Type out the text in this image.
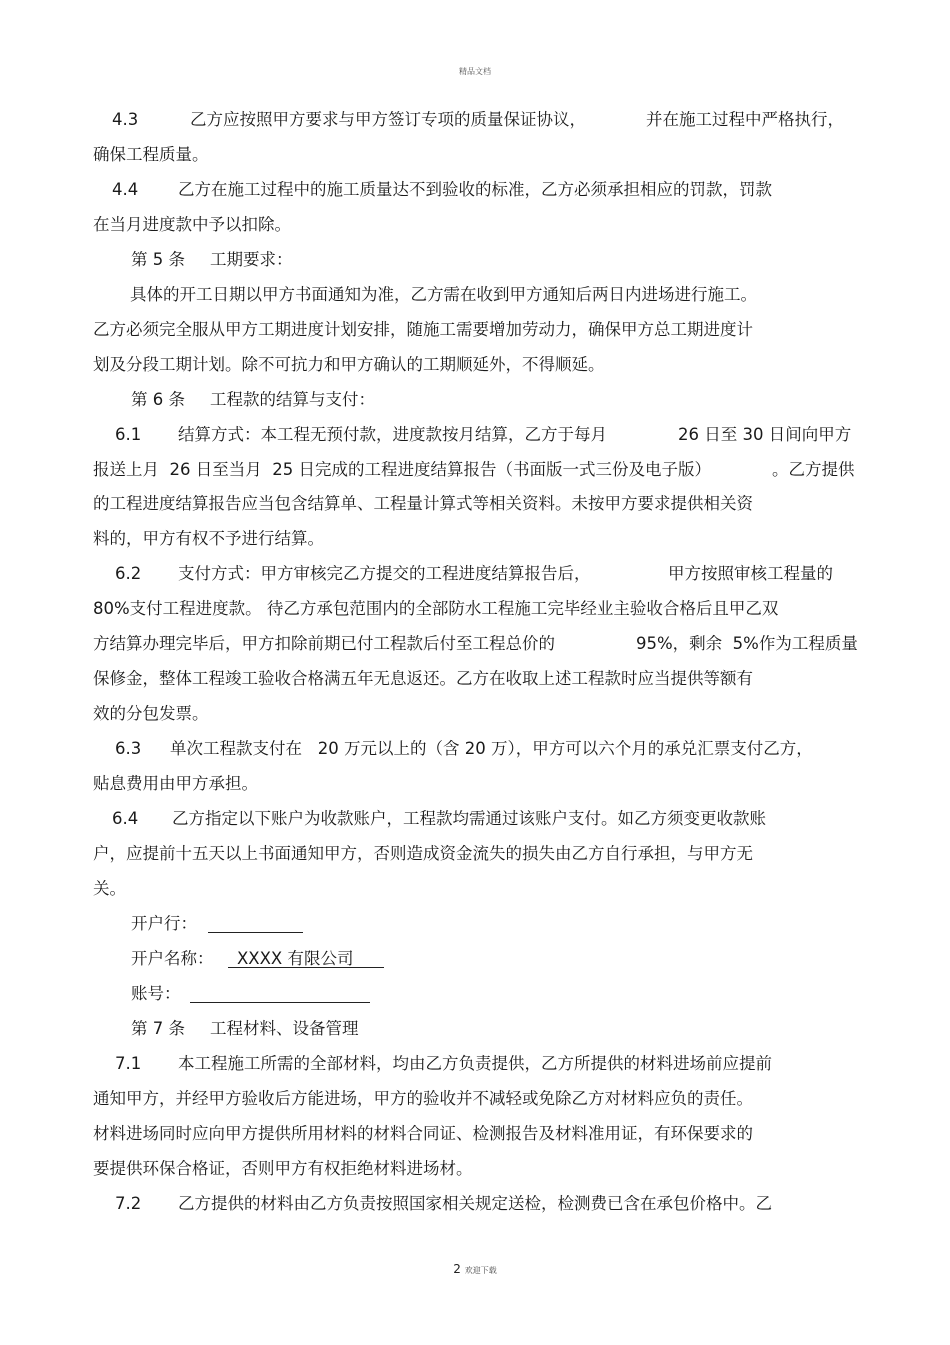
精品文档
4.3	乙方应按照甲方要求与甲方签订专项的质量保证协议，	并在施工过程中严格执行，
确保工程质量。
4.4 乙方在施工过程中的施工质量达不到验收的标准，乙方必须承担相应的罚款，罚款
在当月进度款中予以扣除。
第 5 条 工期要求：
具体的开工日期以甲方书面通知为准，乙方需在收到甲方通知后两日内进场进行施工。
乙方必须完全服从甲方工期进度计划安排，随施工需要增加劳动力，确保甲方总工期进度计
划及分段工期计划。除不可抗力和甲方确认的工期顺延外，不得顺延。
第 6 条 工程款的结算与支付：
6.1 结算方式：本工程无预付款，进度款按月结算，乙方于每月	26 日至 30 日间向甲方
报送上月  26 日至当月  25 日完成的工程进度结算报告（书面版一式三份及电子版）	。乙方提供
的工程进度结算报告应当包含结算单、工程量计算式等相关资料。未按甲方要求提供相关资
料的，甲方有权不予进行结算。
6.2 支付方式：甲方审核完乙方提交的工程进度结算报告后，	甲方按照审核工程量的
80%支付工程进度款。 待乙方承包范围内的全部防水工程施工完毕经业主验收合格后且甲乙双
方结算办理完毕后，甲方扣除前期已付工程款后付至工程总价的	95%，剩余  5%作为工程质量
保修金，整体工程竣工验收合格满五年无息返还。乙方在收取上述工程款时应当提供等额有
效的分包发票。
6.3 单次工程款支付在   20 万元以上的（含 20 万），甲方可以六个月的承兑汇票支付乙方，
贴息费用由甲方承担。
6.4 乙方指定以下账户为收款账户，工程款均需通过该账户支付。如乙方须变更收款账
户，应提前十五天以上书面通知甲方，否则造成资金流失的损失由乙方自行承担，与甲方无
关。
开户行：
开户名称： XXXX 有限公司
账号：
第 7 条 工程材料、设备管理
7.1 本工程施工所需的全部材料，均由乙方负责提供，乙方所提供的材料进场前应提前
通知甲方，并经甲方验收后方能进场，甲方的验收并不减轻或免除乙方对材料应负的责任。
材料进场同时应向甲方提供所用材料的材料合同证、检测报告及材料准用证，有环保要求的
要提供环保合格证，否则甲方有权拒绝材料进场材。
7.2 乙方提供的材料由乙方负责按照国家相关规定送检，检测费已含在承包价格中。乙
2 欢迎下载
